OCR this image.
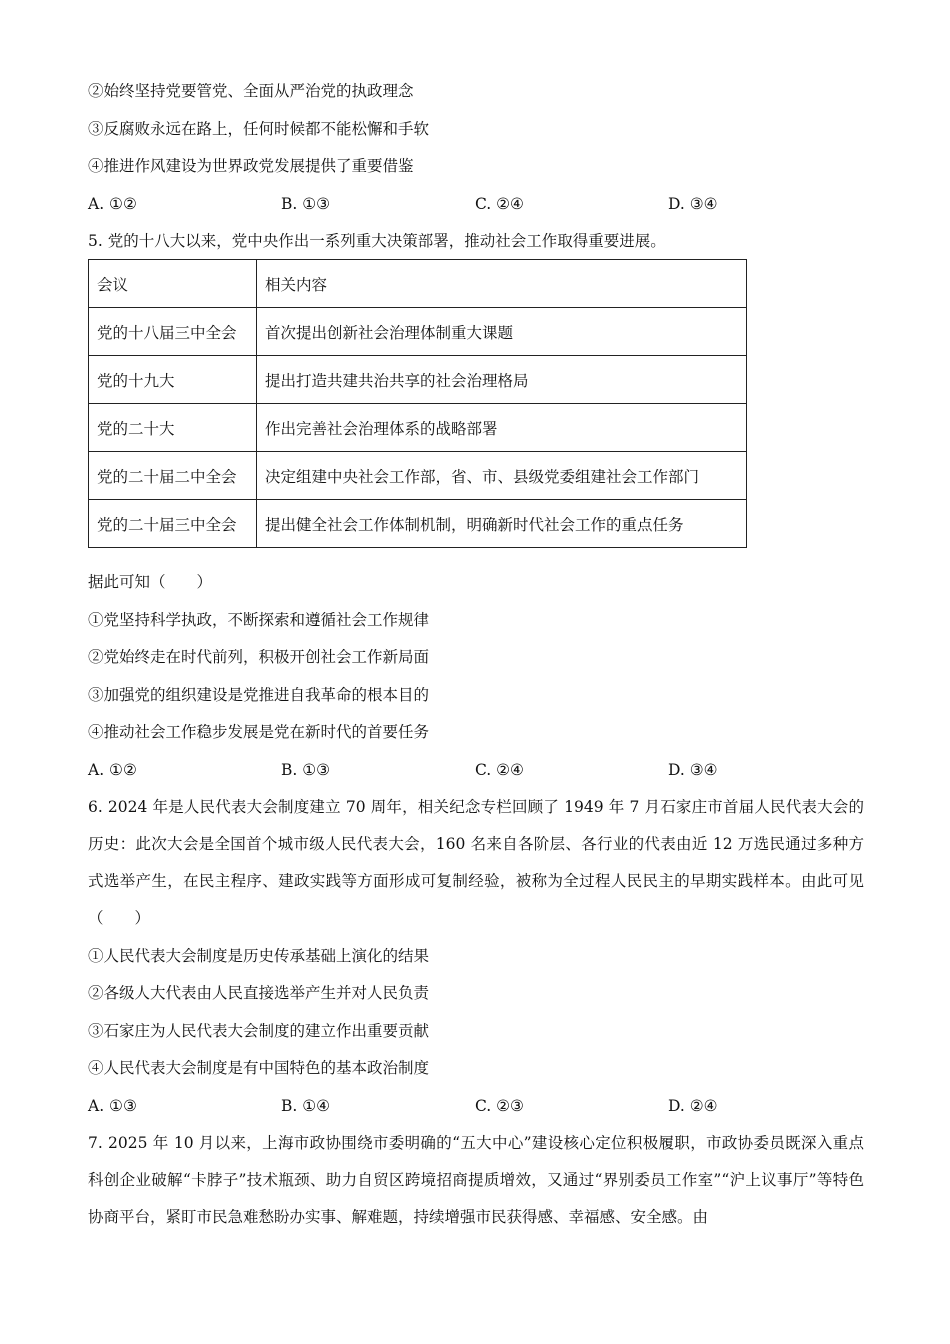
②始终坚持党要管党、全面从严治党的执政理念
③反腐败永远在路上，任何时候都不能松懈和手软
④推进作风建设为世界政党发展提供了重要借鉴
A. ①②	B. ①③	C. ②④	D. ③④
5. 党的十八大以来，党中央作出一系列重大决策部署，推动社会工作取得重要进展。
会议	相关内容
党的十八届三中全会	首次提出创新社会治理体制重大课题
党的十九大	提出打造共建共治共享的社会治理格局
党的二十大	作出完善社会治理体系的战略部署
党的二十届二中全会	决定组建中央社会工作部，省、市、县级党委组建社会工作部门
党的二十届三中全会	提出健全社会工作体制机制，明确新时代社会工作的重点任务
据此可知（　　）
①党坚持科学执政，不断探索和遵循社会工作规律
②党始终走在时代前列，积极开创社会工作新局面
③加强党的组织建设是党推进自我革命的根本目的
④推动社会工作稳步发展是党在新时代的首要任务
A. ①②	B. ①③	C. ②④	D. ③④
6. 2024 年是人民代表大会制度建立 70 周年，相关纪念专栏回顾了 1949 年 7 月石家庄市首届人民代表大会的历史：此次大会是全国首个城市级人民代表大会，160 名来自各阶层、各行业的代表由近 12 万选民通过多种方式选举产生，在民主程序、建政实践等方面形成可复制经验，被称为全过程人民民主的早期实践样本。由此可见（　　）
①人民代表大会制度是历史传承基础上演化的结果
②各级人大代表由人民直接选举产生并对人民负责
③石家庄为人民代表大会制度的建立作出重要贡献
④人民代表大会制度是有中国特色的基本政治制度
A. ①③	B. ①④	C. ②③	D. ②④
7. 2025 年 10 月以来，上海市政协围绕市委明确的“五大中心”建设核心定位积极履职，市政协委员既深入重点科创企业破解“卡脖子”技术瓶颈、助力自贸区跨境招商提质增效，又通过“界别委员工作室”“沪上议事厅”等特色协商平台，紧盯市民急难愁盼办实事、解难题，持续增强市民获得感、幸福感、安全感。由
